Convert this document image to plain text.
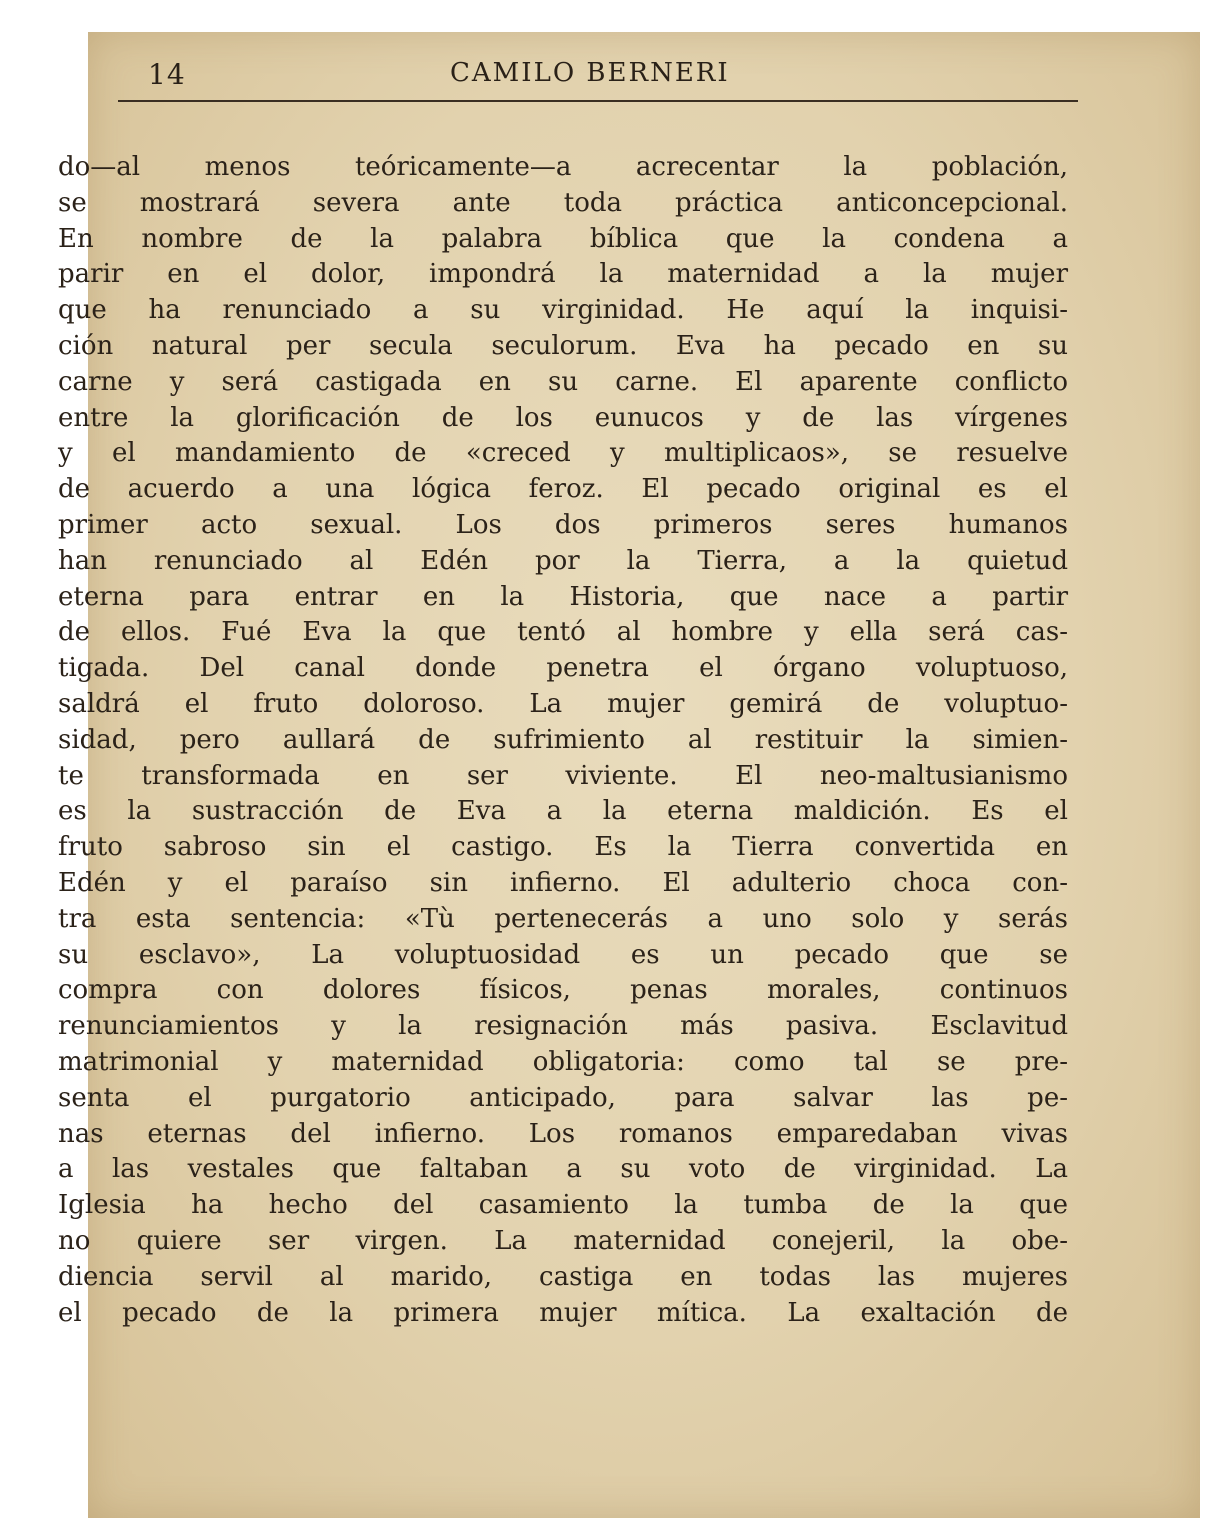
14	CAMILO BERNERI
do—al menos teóricamente—a acrecentar la población,
se mostrará severa ante toda práctica anticoncepcional.
En nombre de la palabra bíblica que la condena a
parir en el dolor, impondrá la maternidad a la mujer
que ha renunciado a su virginidad. He aquí la inquisi-
ción natural per secula seculorum. Eva ha pecado en su
carne y será castigada en su carne. El aparente conflicto
entre la glorificación de los eunucos y de las vírgenes
y el mandamiento de «creced y multiplicaos», se resuelve
de acuerdo a una lógica feroz. El pecado original es el
primer acto sexual. Los dos primeros seres humanos
han renunciado al Edén por la Tierra, a la quietud
eterna para entrar en la Historia, que nace a partir
de ellos. Fué Eva la que tentó al hombre y ella será cas-
tigada. Del canal donde penetra el órgano voluptuoso,
saldrá el fruto doloroso. La mujer gemirá de voluptuo-
sidad, pero aullará de sufrimiento al restituir la simien-
te transformada en ser viviente. El neo-maltusianismo
es la sustracción de Eva a la eterna maldición. Es el
fruto sabroso sin el castigo. Es la Tierra convertida en
Edén y el paraíso sin infierno. El adulterio choca con-
tra esta sentencia: «Tù pertenecerás a uno solo y serás
su esclavo», La voluptuosidad es un pecado que se
compra con dolores físicos, penas morales, continuos
renunciamientos y la resignación más pasiva. Esclavitud
matrimonial y maternidad obligatoria: como tal se pre-
senta el purgatorio anticipado, para salvar las pe-
nas eternas del infierno. Los romanos emparedaban vivas
a las vestales que faltaban a su voto de virginidad. La
Iglesia ha hecho del casamiento la tumba de la que
no quiere ser virgen. La maternidad conejeril, la obe-
diencia servil al marido, castiga en todas las mujeres
el pecado de la primera mujer mítica. La exaltación de
